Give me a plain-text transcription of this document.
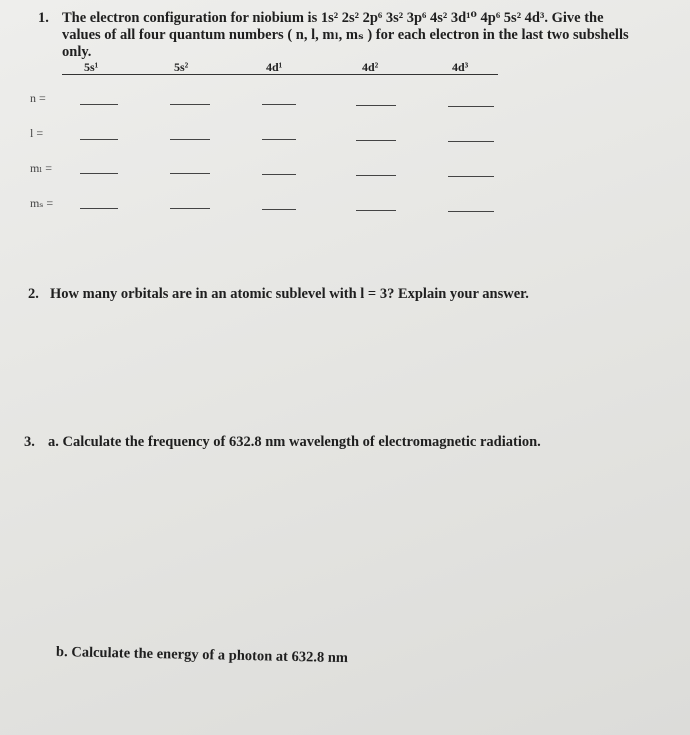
1. The electron configuration for niobium is 1s² 2s² 2p⁶ 3s² 3p⁶ 4s² 3d¹⁰ 4p⁶ 5s² 4d³. Give the
values of all four quantum numbers ( n, l, mₗ, mₛ ) for each electron in the last two subshells
only.
5s¹	5s²	4d¹	4d²	4d³
n =
l =
mₗ =
mₛ =
2. How many orbitals are in an atomic sublevel with l = 3? Explain your answer.
3. a. Calculate the frequency of 632.8 nm wavelength of electromagnetic radiation.
b. Calculate the energy of a photon at 632.8 nm
